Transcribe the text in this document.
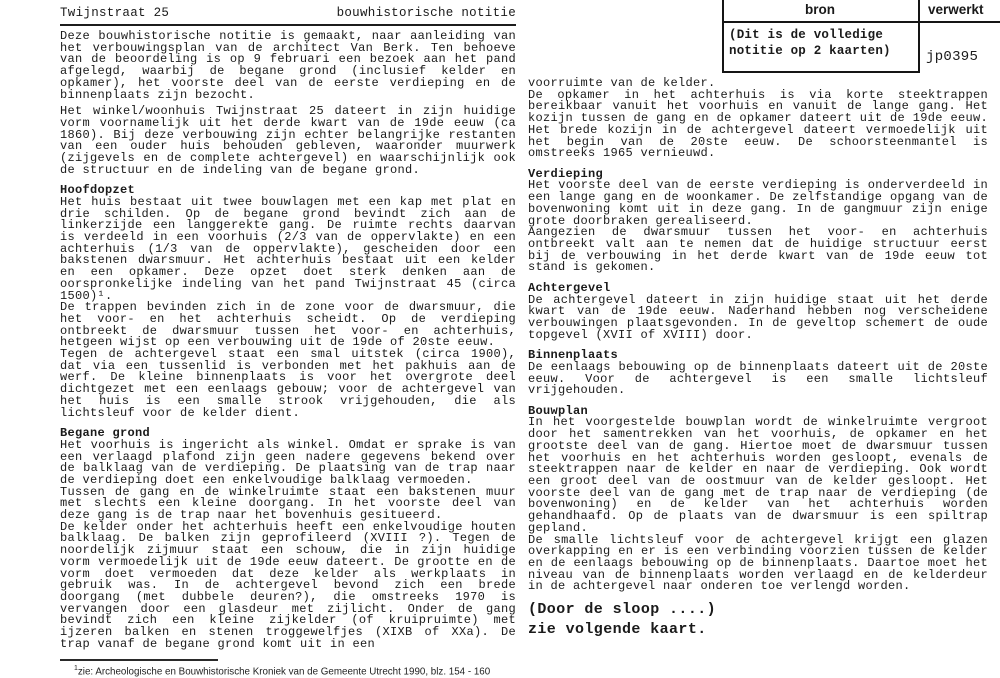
bron	verwerkt
(Dit is de volledige notitie op 2 kaarten)	jp0395
Twijnstraat 25	bouwhistorische notitie

Deze bouwhistorische notitie is gemaakt, naar aanleiding van het verbouwingsplan van de architect Van Berk. Ten behoeve van de beoordeling is op 9 februari een bezoek aan het pand afgelegd, waarbij de begane grond (inclusief kelder en opkamer), het voorste deel van de eerste verdieping en de binnenplaats zijn bezocht.

Het winkel/woonhuis Twijnstraat 25 dateert in zijn huidige vorm voornamelijk uit het derde kwart van de 19de eeuw (ca 1860). Bij deze verbouwing zijn echter belangrijke restanten van een ouder huis behouden gebleven, waaronder muurwerk (zijgevels en de complete achtergevel) en waarschijnlijk ook de structuur en de indeling van de begane grond.

Hoofdopzet

Het huis bestaat uit twee bouwlagen met een kap met plat en drie schilden. Op de begane grond bevindt zich aan de linkerzijde een langgerekte gang. De ruimte rechts daarvan is verdeeld in een voorhuis (2/3 van de oppervlakte) en een achterhuis (1/3 van de oppervlakte), gescheiden door een bakstenen dwarsmuur. Het achterhuis bestaat uit een kelder en een opkamer. Deze opzet doet sterk denken aan de oorspronkelijke indeling van het pand Twijnstraat 45 (circa 1500)¹.

De trappen bevinden zich in de zone voor de dwarsmuur, die het voor- en het achterhuis scheidt. Op de verdieping ontbreekt de dwarsmuur tussen het voor- en achterhuis, hetgeen wijst op een verbouwing uit de 19de of 20ste eeuw.

Tegen de achtergevel staat een smal uitstek (circa 1900), dat via een tussenlid is verbonden met het pakhuis aan de werf. De kleine binnenplaats is voor het overgrote deel dichtgezet met een eenlaags gebouw; voor de achtergevel van het huis is een smalle strook vrijgehouden, die als lichtsleuf voor de kelder dient.

Begane grond

Het voorhuis is ingericht als winkel. Omdat er sprake is van een verlaagd plafond zijn geen nadere gegevens bekend over de balklaag van de verdieping. De plaatsing van de trap naar de verdieping doet een enkelvoudige balklaag vermoeden.

Tussen de gang en de winkelruimte staat een bakstenen muur met slechts een kleine doorgang. In het voorste deel van deze gang is de trap naar het bovenhuis gesitueerd.

De kelder onder het achterhuis heeft een enkelvoudige houten balklaag. De balken zijn geprofileerd (XVIII ?). Tegen de noordelijk zijmuur staat een schouw, die in zijn huidige vorm vermoedelijk uit de 19de eeuw dateert. De grootte en de vorm doet vermoeden dat deze kelder als werkplaats in gebruik was. In de achtergevel bevond zich een brede doorgang (met dubbele deuren?), die omstreeks 1970 is vervangen door een glasdeur met zijlicht. Onder de gang bevindt zich een kleine zijkelder (of kruipruimte) met ijzeren balken en stenen troggewelfjes (XIXB of XXa). De trap vanaf de begane grond komt uit in een

$^1$zie: Archeologische en Bouwhistorische Kroniek van de Gemeente Utrecht 1990, blz. 154 - 160

voorruimte van de kelder.

De opkamer in het achterhuis is via korte steektrappen bereikbaar vanuit het voorhuis en vanuit de lange gang. Het kozijn tussen de gang en de opkamer dateert uit de 19de eeuw. Het brede kozijn in de achtergevel dateert vermoedelijk uit het begin van de 20ste eeuw. De schoorsteenmantel is omstreeks 1965 vernieuwd.

Verdieping

Het voorste deel van de eerste verdieping is onderverdeeld in een lange gang en de woonkamer. De zelfstandige opgang van de bovenwoning komt uit in deze gang. In de gangmuur zijn enige grote doorbraken gerealiseerd.

Aangezien de dwarsmuur tussen het voor- en achterhuis ontbreekt valt aan te nemen dat de huidige structuur eerst bij de verbouwing in het derde kwart van de 19de eeuw tot stand is gekomen.

Achtergevel

De achtergevel dateert in zijn huidige staat uit het derde kwart van de 19de eeuw. Naderhand hebben nog verscheidene verbouwingen plaatsgevonden. In de geveltop schemert de oude topgevel (XVII of XVIII) door.

Binnenplaats

De eenlaags bebouwing op de binnenplaats dateert uit de 20ste eeuw. Voor de achtergevel is een smalle lichtsleuf vrijgehouden.

Bouwplan

In het voorgestelde bouwplan wordt de winkelruimte vergroot door het samentrekken van het voorhuis, de opkamer en het grootste deel van de gang. Hiertoe moet de dwarsmuur tussen het voorhuis en het achterhuis worden gesloopt, evenals de steektrappen naar de kelder en naar de verdieping. Ook wordt een groot deel van de oostmuur van de kelder gesloopt. Het voorste deel van de gang met de trap naar de verdieping (de bovenwoning) en de kelder van het achterhuis worden gehandhaafd. Op de plaats van de dwarsmuur is een spiltrap gepland.

De smalle lichtsleuf voor de achtergevel krijgt een glazen overkapping en er is een verbinding voorzien tussen de kelder en de eenlaags bebouwing op de binnenplaats. Daartoe moet het niveau van de binnenplaats worden verlaagd en de kelderdeur in de achtergevel naar onderen toe verlengd worden.

(Door de sloop ....)
zie volgende kaart.
